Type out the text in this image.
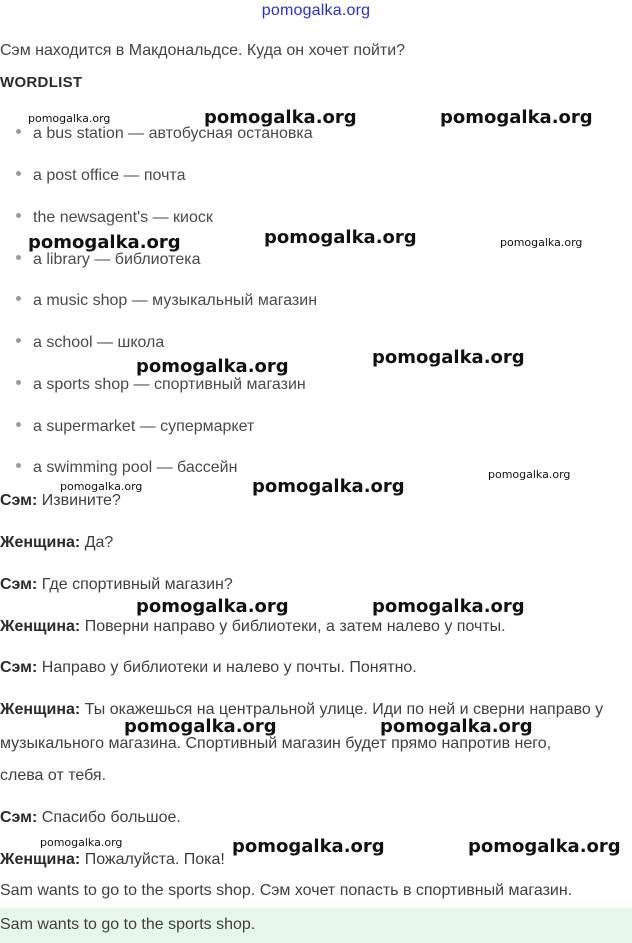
pomogalka.org
Сэм находится в Макдональдсе. Куда он хочет пойти?
WORDLIST
a bus station — автобусная остановка
a post office — почта
the newsagent's — киоск
a library — библиотека
a music shop — музыкальный магазин
a school — школа
a sports shop — спортивный магазин
a supermarket — супермаркет
a swimming pool — бассейн
Сэм: Извините?
Женщина: Да?
Сэм: Где спортивный магазин?
Женщина: Поверни направо у библиотеки, а затем налево у почты.
Сэм: Направо у библиотеки и налево у почты. Понятно.
Женщина: Ты окажешься на центральной улице. Иди по ней и сверни направо у
музыкального магазина. Спортивный магазин будет прямо напротив него,
слева от тебя.
Сэм: Спасибо большое.
Женщина: Пожалуйста. Пока!
Sam wants to go to the sports shop. Сэм хочет попасть в спортивный магазин.
Sam wants to go to the sports shop.
pomogalka.org	pomogalka.org	pomogalka.org
pomogalka.org	pomogalka.org	pomogalka.org
pomogalka.org	pomogalka.org
pomogalka.org	pomogalka.org
pomogalka.org
pomogalka.org	pomogalka.org
pomogalka.org	pomogalka.org
pomogalka.org	pomogalka.org	pomogalka.org
